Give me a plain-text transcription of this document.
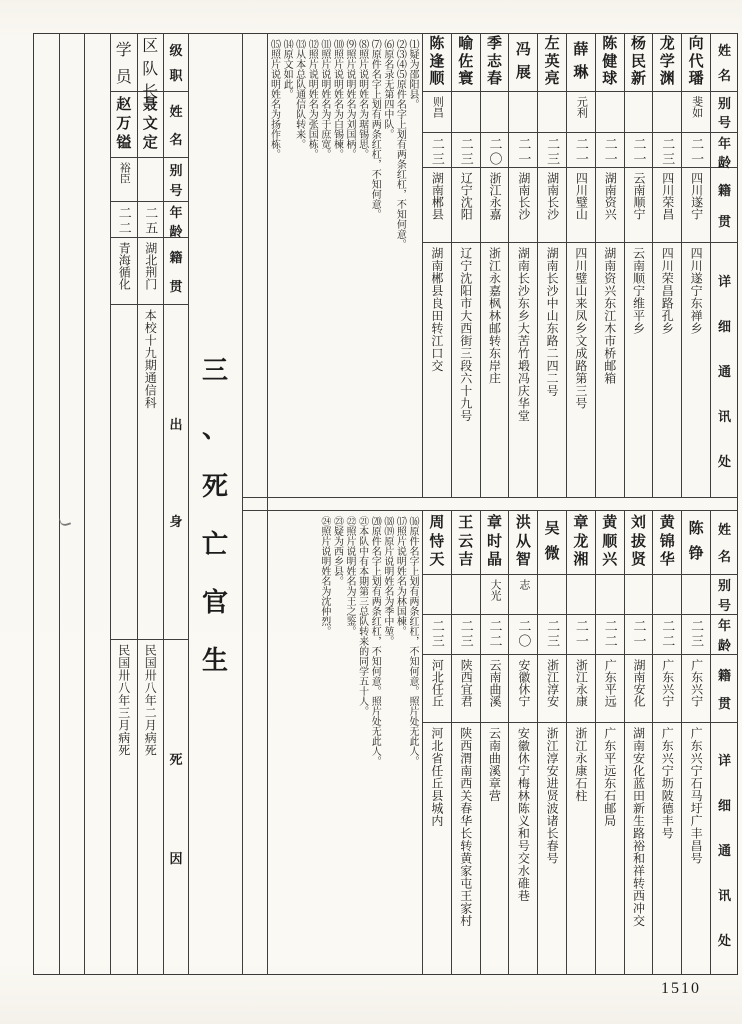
级
职
姓
名
别
号
年
龄
籍
贯
出
身
死
因
区
队
长
聂
文
定
二五
湖北荆门
本校十九期通信科
民国卅八年二月病死
学
员
赵
万
镒
裕臣
二二
青海循化
民国卅八年三月病死
三
、
死
亡
官
生
姓
名
别
号
年
龄
籍
贯
详
细
通
讯
处
向
代
璠
斐如
二一
四川遂宁
四川遂宁东禅乡
龙
学
渊
二三
四川荣昌
四川荣昌路孔乡
杨
民
新
二一
云南顺宁
云南顺宁维平乡
陈
健
球
二一
湖南资兴
湖南资兴东江木市桥邮箱
薛
琳
元利
二一
四川璧山
四川璧山来凤乡文成路第三号
左
英
亮
二三
湖南长沙
湖南长沙中山东路二四二号
冯
展
二一
湖南长沙
湖南长沙东乡大苦竹塅冯庆华堂
季
志
春
二〇
浙江永嘉
浙江永嘉枫林邮转东岸庄
喻
佐
寰
二三
辽宁沈阳
辽宁沈阳市大西街三段六十九号
陈
逢
顺
则昌
二三
湖南郴县
湖南郴县良田转江口交
⑴疑为邵阳县。
⑵⑶⑷⑸原件名字上划有两条红杠，不知何意。
⑹原名录无第四中队。
⑺原件名字上划有两条红杠，不知何意。
⑻照片说明姓名为琚锡思。
⑼照片说明姓名为刘国柄。
⑽照片说明姓名为白锡楝。
⑾照片说明姓名为于庶宽。
⑿照片说明姓名为张国栋。
⒀从本总队通信队转来。
⒁原文如此。
⒂照片说明姓名为扬作栋。
姓
名
别
号
年
龄
籍
贯
详
细
通
讯
处
陈
铮
二三
广东兴宁
广东兴宁石马圩广丰昌号
黄
锦
华
二二
广东兴宁
广东兴宁坜陂德丰号
刘
拔
贤
二一
湖南安化
湖南安化蓝田新生路裕和祥转西冲交
黄
顺
兴
二二
广东平远
广东平远东石邮局
章
龙
湘
二一
浙江永康
浙江永康石柱
吴
微
二三
浙江淳安
浙江淳安进贤波诸长春号
洪
从
智
志
二〇
安徽休宁
安徽休宁梅林陈义和号交水碓巷
章
时
晶
大光
二二
云南曲溪
云南曲溪章营
王
云
吉
二三
陕西宜君
陕西渭南西关春华长转黄家屯王家村
周
恃
天
二三
河北任丘
河北省任丘县城内
⒃原件名字上划有两条红杠，不知何意。照片处无此人。
⒄照片说明姓名为林国棟。
⒅⒆原片说明姓名为季中堃。
⒇原件名字上划有两条红杠，不知何意。照片处无此人。
㉑本队中有本期第三总队转来的同学五十人。
㉒照片说明姓名为王之鉴。
㉓疑为西乡县。
㉔照片说明姓名为沈仲烈。
1510
